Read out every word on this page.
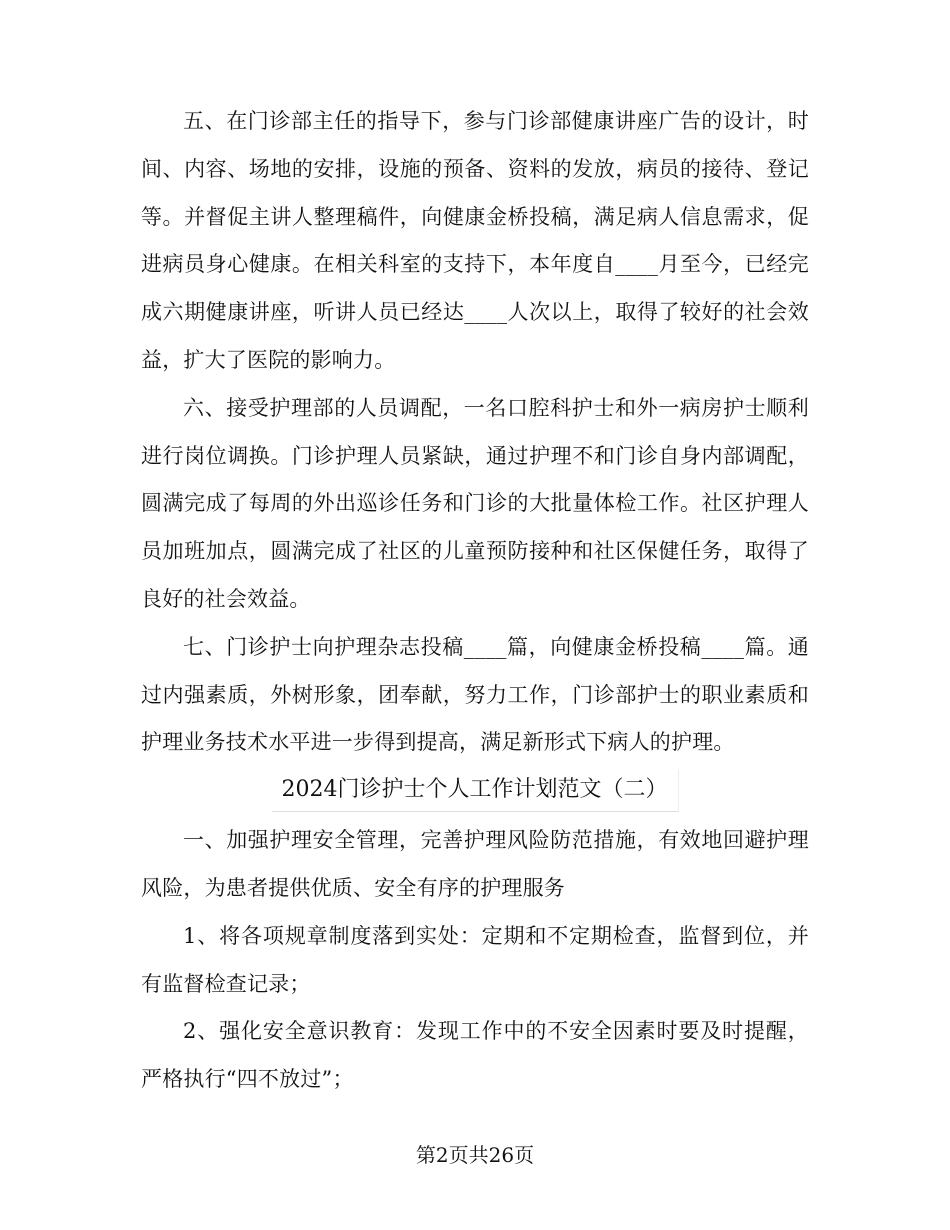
五、在门诊部主任的指导下，参与门诊部健康讲座广告的设计，时间、内容、场地的安排，设施的预备、资料的发放，病员的接待、登记等。并督促主讲人整理稿件，向健康金桥投稿，满足病人信息需求，促进病员身心健康。在相关科室的支持下，本年度自____月至今，已经完成六期健康讲座，听讲人员已经达____人次以上，取得了较好的社会效益，扩大了医院的影响力。

六、接受护理部的人员调配，一名口腔科护士和外一病房护士顺利进行岗位调换。门诊护理人员紧缺，通过护理不和门诊自身内部调配，圆满完成了每周的外出巡诊任务和门诊的大批量体检工作。社区护理人员加班加点，圆满完成了社区的儿童预防接种和社区保健任务，取得了良好的社会效益。

七、门诊护士向护理杂志投稿____篇，向健康金桥投稿____篇。通过内强素质，外树形象，团奉献，努力工作，门诊部护士的职业素质和护理业务技术水平进一步得到提高，满足新形式下病人的护理。

2024门诊护士个人工作计划范文（二）

一、加强护理安全管理，完善护理风险防范措施，有效地回避护理风险，为患者提供优质、安全有序的护理服务

1、将各项规章制度落到实处：定期和不定期检查，监督到位，并有监督检查记录；

2、强化安全意识教育：发现工作中的不安全因素时要及时提醒，严格执行“四不放过”；

第2页共26页
